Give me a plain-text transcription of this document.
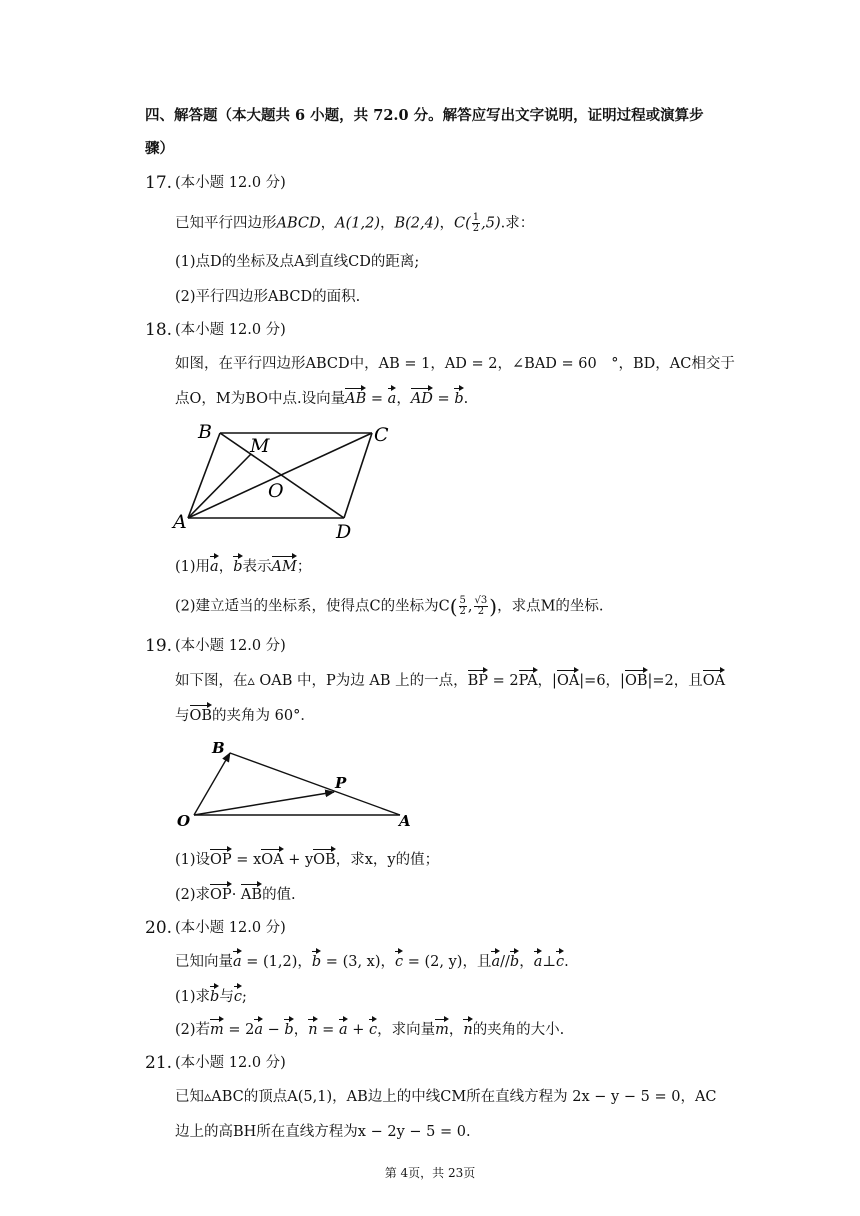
四、解答题（本大题共 6 小题，共 72.0 分。解答应写出文字说明，证明过程或演算步
骤）
17. (本小题 12.0 分)
已知平行四边形ABCD，A(1,2)，B(2,4)，$C( \frac{1}{2} ,5)$.求：
(1)点D的坐标及点A到直线CD的距离;
(2)平行四边形ABCD的面积.
18. (本小题 12.0 分)
如图，在平行四边形ABCD中，AB = 1，AD = 2，∠BAD = 60　°，BD，AC相交于
点O，M为BO中点.设向量AB = a，AD = b.
B
M	C
O
A	D
(1)用a，b表示AM；
(2)建立适当的坐标系，使得点C的坐标为$C( \frac{5}{2}$ , $\frac{√3}{2}$ )，求点M的坐标.
19. (本小题 12.0 分)
如下图，在▵ OAB 中，P为边 AB 上的一点，BP = 2PA，|OA|=6，|OB|=2，且OA
与OB的夹角为 60°．
B
P
O	A
(1)设OP = xOA + yOB，求x，y的值；
(2)求OP· AB的值.
20. (本小题 12.0 分)
已知向量a = (1,2)，b = (3, x)，c = (2, y)，且a//b，a⊥c.
(1)求b与c;
(2)若m = 2a − b，n = a + c，求向量m，n的夹角的大小.
21. (本小题 12.0 分)
已知▵ABC的顶点A(5,1)，AB边上的中线CM所在直线方程为 2x − y − 5 = 0，AC
边上的高BH所在直线方程为x − 2y − 5 = 0.
第 4页，共 23页
